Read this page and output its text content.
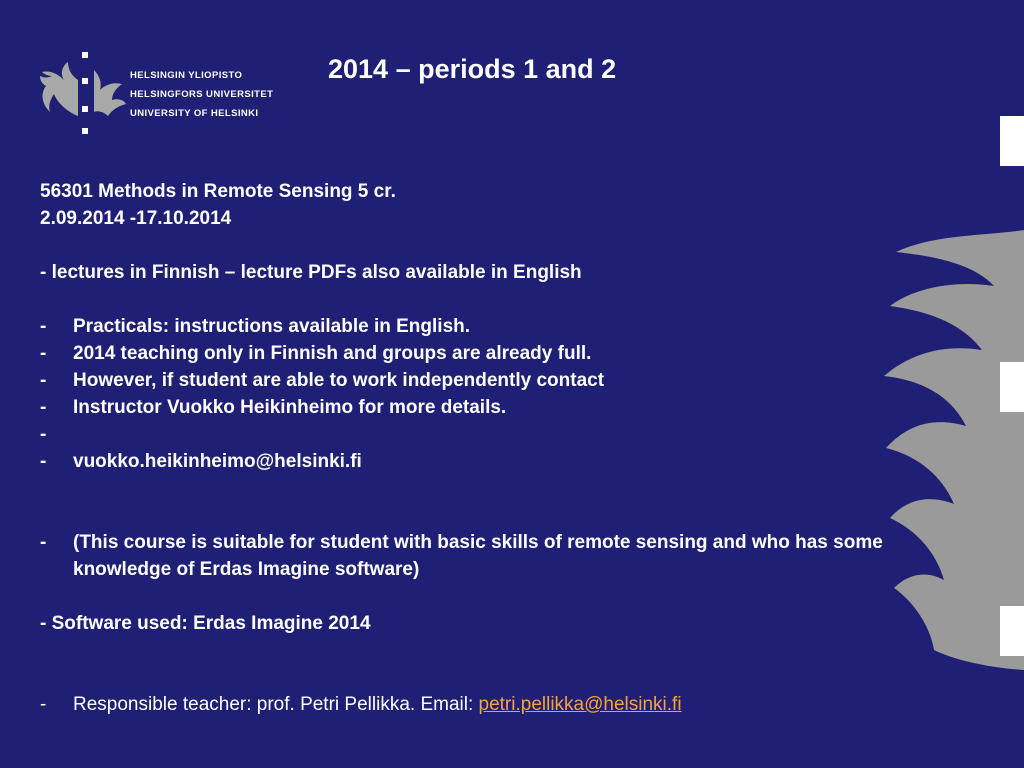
HELSINGIN YLIOPISTO
HELSINGFORS UNIVERSITET
UNIVERSITY OF HELSINKI
2014 – periods 1 and 2
56301 Methods in Remote Sensing 5 cr.
2.09.2014 -17.10.2014
- lectures in Finnish – lecture PDFs also available in English
-	Practicals: instructions available in English.
-	2014 teaching only in Finnish and groups are already full.
-	However, if student are able to work independently contact
-	Instructor Vuokko Heikinheimo for more details.
-
-	vuokko.heikinheimo@helsinki.fi
-	(This course is suitable for student with basic skills of remote sensing and who has some knowledge of Erdas Imagine software)
- Software used: Erdas Imagine 2014
-	Responsible teacher: prof. Petri Pellikka. Email: petri.pellikka@helsinki.fi
